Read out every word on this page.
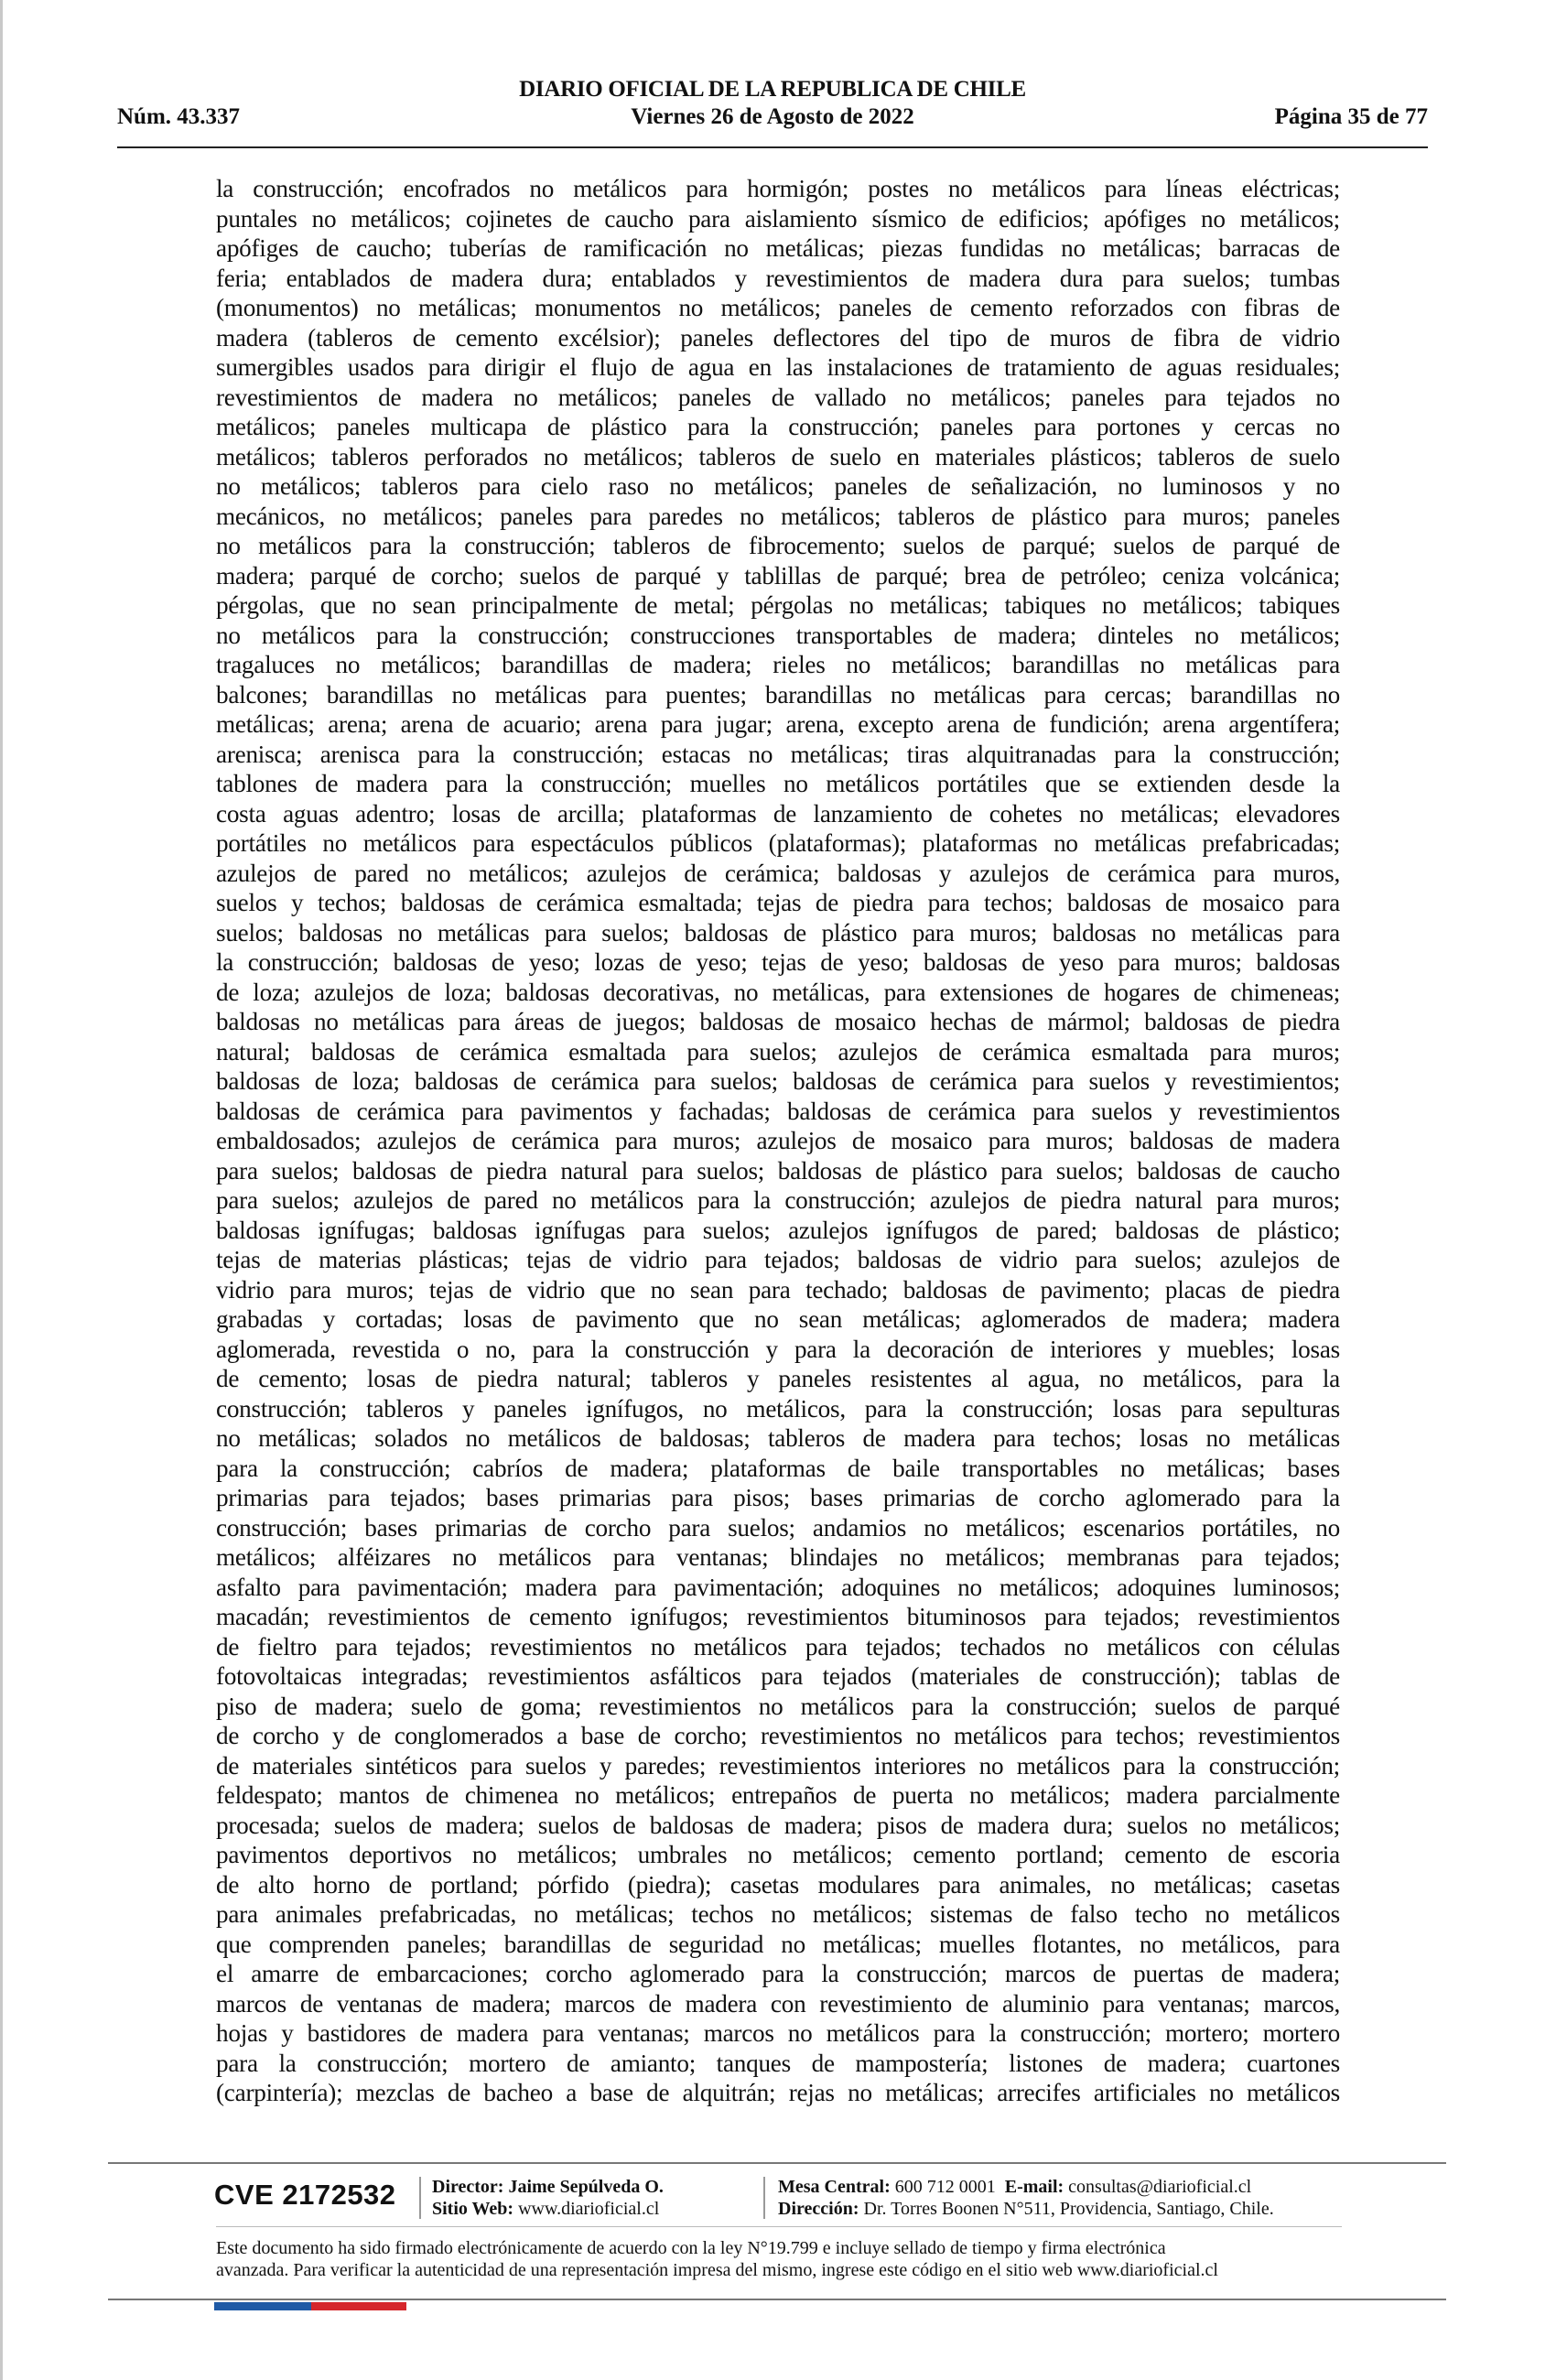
DIARIO OFICIAL DE LA REPUBLICA DE CHILE
Núm. 43.337	Viernes 26 de Agosto de 2022	Página 35 de 77
la construcción; encofrados no metálicos para hormigón; postes no metálicos para líneas eléctricas;
puntales no metálicos; cojinetes de caucho para aislamiento sísmico de edificios; apófiges no metálicos;
apófiges de caucho; tuberías de ramificación no metálicas; piezas fundidas no metálicas; barracas de
feria; entablados de madera dura; entablados y revestimientos de madera dura para suelos; tumbas
(monumentos) no metálicas; monumentos no metálicos; paneles de cemento reforzados con fibras de
madera (tableros de cemento excélsior); paneles deflectores del tipo de muros de fibra de vidrio
sumergibles usados para dirigir el flujo de agua en las instalaciones de tratamiento de aguas residuales;
revestimientos de madera no metálicos; paneles de vallado no metálicos; paneles para tejados no
metálicos; paneles multicapa de plástico para la construcción; paneles para portones y cercas no
metálicos; tableros perforados no metálicos; tableros de suelo en materiales plásticos; tableros de suelo
no metálicos; tableros para cielo raso no metálicos; paneles de señalización, no luminosos y no
mecánicos, no metálicos; paneles para paredes no metálicos; tableros de plástico para muros; paneles
no metálicos para la construcción; tableros de fibrocemento; suelos de parqué; suelos de parqué de
madera; parqué de corcho; suelos de parqué y tablillas de parqué; brea de petróleo; ceniza volcánica;
pérgolas, que no sean principalmente de metal; pérgolas no metálicas; tabiques no metálicos; tabiques
no metálicos para la construcción; construcciones transportables de madera; dinteles no metálicos;
tragaluces no metálicos; barandillas de madera; rieles no metálicos; barandillas no metálicas para
balcones; barandillas no metálicas para puentes; barandillas no metálicas para cercas; barandillas no
metálicas; arena; arena de acuario; arena para jugar; arena, excepto arena de fundición; arena argentífera;
arenisca; arenisca para la construcción; estacas no metálicas; tiras alquitranadas para la construcción;
tablones de madera para la construcción; muelles no metálicos portátiles que se extienden desde la
costa aguas adentro; losas de arcilla; plataformas de lanzamiento de cohetes no metálicas; elevadores
portátiles no metálicos para espectáculos públicos (plataformas); plataformas no metálicas prefabricadas;
azulejos de pared no metálicos; azulejos de cerámica; baldosas y azulejos de cerámica para muros,
suelos y techos; baldosas de cerámica esmaltada; tejas de piedra para techos; baldosas de mosaico para
suelos; baldosas no metálicas para suelos; baldosas de plástico para muros; baldosas no metálicas para
la construcción; baldosas de yeso; lozas de yeso; tejas de yeso; baldosas de yeso para muros; baldosas
de loza; azulejos de loza; baldosas decorativas, no metálicas, para extensiones de hogares de chimeneas;
baldosas no metálicas para áreas de juegos; baldosas de mosaico hechas de mármol; baldosas de piedra
natural; baldosas de cerámica esmaltada para suelos; azulejos de cerámica esmaltada para muros;
baldosas de loza; baldosas de cerámica para suelos; baldosas de cerámica para suelos y revestimientos;
baldosas de cerámica para pavimentos y fachadas; baldosas de cerámica para suelos y revestimientos
embaldosados; azulejos de cerámica para muros; azulejos de mosaico para muros; baldosas de madera
para suelos; baldosas de piedra natural para suelos; baldosas de plástico para suelos; baldosas de caucho
para suelos; azulejos de pared no metálicos para la construcción; azulejos de piedra natural para muros;
baldosas ignífugas; baldosas ignífugas para suelos; azulejos ignífugos de pared; baldosas de plástico;
tejas de materias plásticas; tejas de vidrio para tejados; baldosas de vidrio para suelos; azulejos de
vidrio para muros; tejas de vidrio que no sean para techado; baldosas de pavimento; placas de piedra
grabadas y cortadas; losas de pavimento que no sean metálicas; aglomerados de madera; madera
aglomerada, revestida o no, para la construcción y para la decoración de interiores y muebles; losas
de cemento; losas de piedra natural; tableros y paneles resistentes al agua, no metálicos, para la
construcción; tableros y paneles ignífugos, no metálicos, para la construcción; losas para sepulturas
no metálicas; solados no metálicos de baldosas; tableros de madera para techos; losas no metálicas
para la construcción; cabríos de madera; plataformas de baile transportables no metálicas; bases
primarias para tejados; bases primarias para pisos; bases primarias de corcho aglomerado para la
construcción; bases primarias de corcho para suelos; andamios no metálicos; escenarios portátiles, no
metálicos; alféizares no metálicos para ventanas; blindajes no metálicos; membranas para tejados;
asfalto para pavimentación; madera para pavimentación; adoquines no metálicos; adoquines luminosos;
macadán; revestimientos de cemento ignífugos; revestimientos bituminosos para tejados; revestimientos
de fieltro para tejados; revestimientos no metálicos para tejados; techados no metálicos con células
fotovoltaicas integradas; revestimientos asfálticos para tejados (materiales de construcción); tablas de
piso de madera; suelo de goma; revestimientos no metálicos para la construcción; suelos de parqué
de corcho y de conglomerados a base de corcho; revestimientos no metálicos para techos; revestimientos
de materiales sintéticos para suelos y paredes; revestimientos interiores no metálicos para la construcción;
feldespato; mantos de chimenea no metálicos; entrepaños de puerta no metálicos; madera parcialmente
procesada; suelos de madera; suelos de baldosas de madera; pisos de madera dura; suelos no metálicos;
pavimentos deportivos no metálicos; umbrales no metálicos; cemento portland; cemento de escoria
de alto horno de portland; pórfido (piedra); casetas modulares para animales, no metálicas; casetas
para animales prefabricadas, no metálicas; techos no metálicos; sistemas de falso techo no metálicos
que comprenden paneles; barandillas de seguridad no metálicas; muelles flotantes, no metálicos, para
el amarre de embarcaciones; corcho aglomerado para la construcción; marcos de puertas de madera;
marcos de ventanas de madera; marcos de madera con revestimiento de aluminio para ventanas; marcos,
hojas y bastidores de madera para ventanas; marcos no metálicos para la construcción; mortero; mortero
para la construcción; mortero de amianto; tanques de mampostería; listones de madera; cuartones
(carpintería); mezclas de bacheo a base de alquitrán; rejas no metálicas; arrecifes artificiales no metálicos
CVE 2172532 Director: Jaime Sepúlveda O.
Sitio Web: www.diarioficial.cl
Mesa Central: 600 712 0001 E-mail: consultas@diarioficial.cl
Dirección: Dr. Torres Boonen N°511, Providencia, Santiago, Chile.
Este documento ha sido firmado electrónicamente de acuerdo con la ley N°19.799 e incluye sellado de tiempo y firma electrónica
avanzada. Para verificar la autenticidad de una representación impresa del mismo, ingrese este código en el sitio web www.diarioficial.cl
